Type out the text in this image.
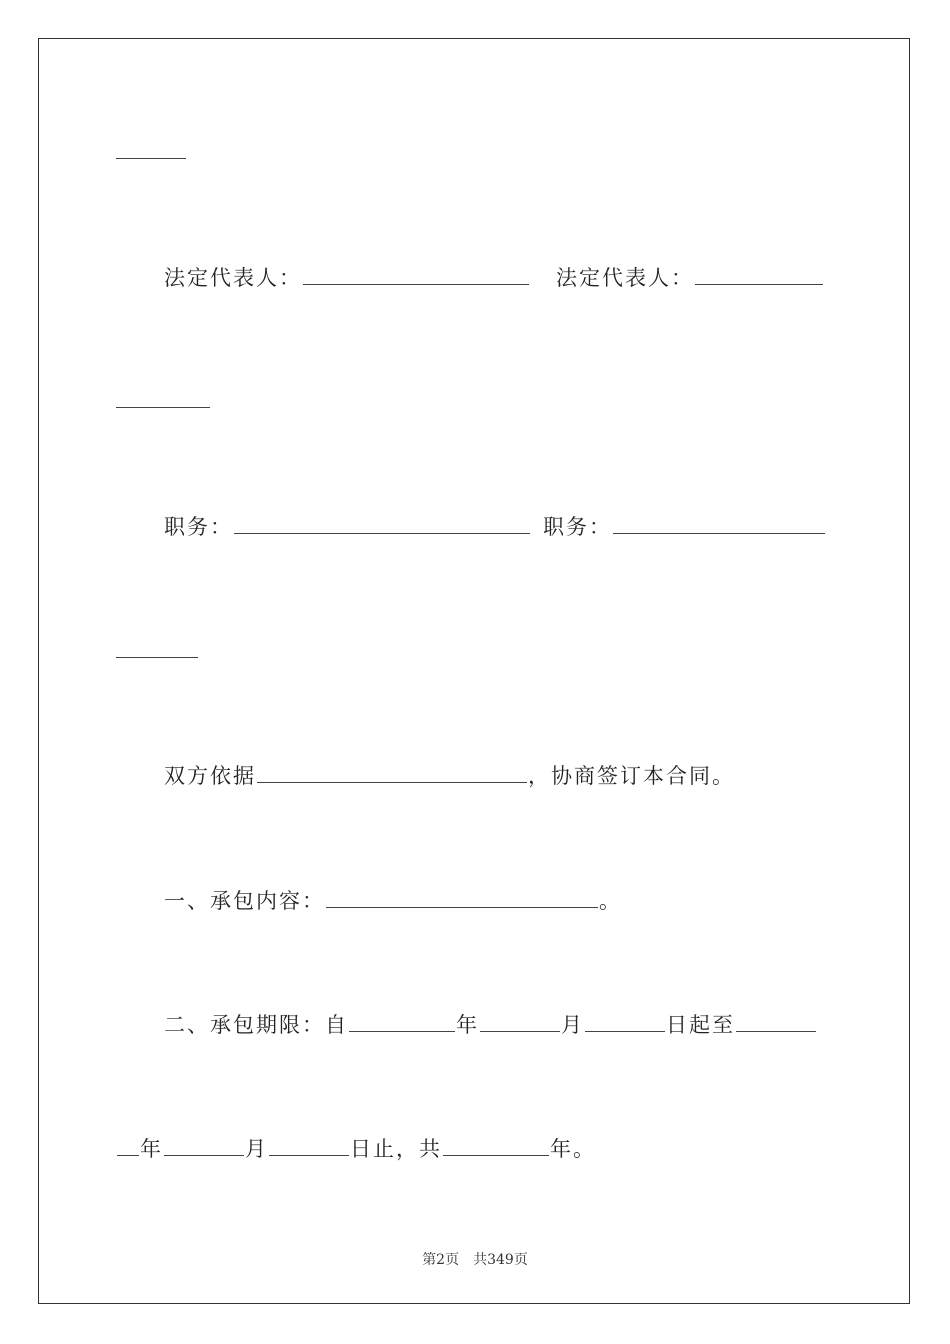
法定代表人：	法定代表人：
职务：	职务：
双方依据	，协商签订本合同。
一、承包内容：	。
二、承包期限：自	年	月	日起至
年	月	日止，共	年。
第2页 共349页
